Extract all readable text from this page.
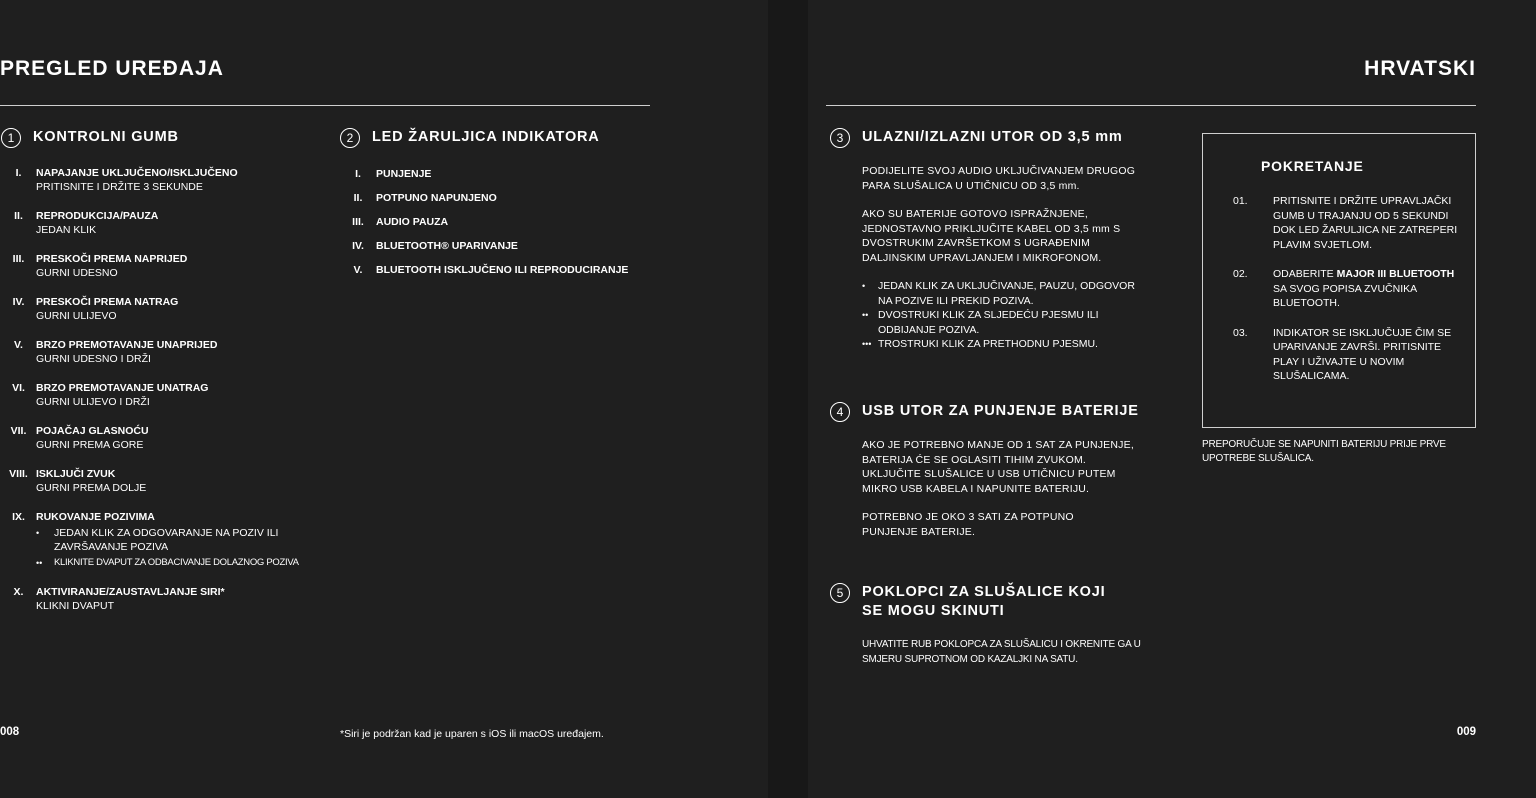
PREGLED UREĐAJA
1	KONTROLNI GUMB
I.	NAPAJANJE UKLJUČENO/ISKLJUČENO
PRITISNITE I DRŽITE 3 SEKUNDE
II.	REPRODUKCIJA/PAUZA
JEDAN KLIK
III.	PRESKOČI PREMA NAPRIJED
GURNI UDESNO
IV.	PRESKOČI PREMA NATRAG
GURNI ULIJEVO
V.	BRZO PREMOTAVANJE UNAPRIJED
GURNI UDESNO I DRŽI
VI.	BRZO PREMOTAVANJE UNATRAG
GURNI ULIJEVO I DRŽI
VII. POJAČAJ GLASNOĆU
GURNI PREMA GORE
VIII. ISKLJUČI ZVUK
GURNI PREMA DOLJE
IX.	RUKOVANJE POZIVIMA
•	JEDAN KLIK ZA ODGOVARANJE NA POZIV ILI ZAVRŠAVANJE POZIVA
••	KLIKNITE DVAPUT ZA ODBACIVANJE DOLAZNOG POZIVA
X.	AKTIVIRANJE/ZAUSTAVLJANJE SIRI*
KLIKNI DVAPUT
2	LED ŽARULJICA INDIKATORA
I.	PUNJENJE
II.	POTPUNO NAPUNJENO
III.	AUDIO PAUZA
IV.	BLUETOOTH® UPARIVANJE
V.	BLUETOOTH ISKLJUČENO ILI REPRODUCIRANJE
008	*Siri je podržan kad je uparen s iOS ili macOS uređajem.
HRVATSKI
3	ULAZNI/IZLAZNI UTOR OD 3,5 mm
PODIJELITE SVOJ AUDIO UKLJUČIVANJEM DRUGOG PARA SLUŠALICA U UTIČNICU OD 3,5 mm.
AKO SU BATERIJE GOTOVO ISPRAŽNJENE, JEDNOSTAVNO PRIKLJUČITE KABEL OD 3,5 mm S DVOSTRUKIM ZAVRŠETKOM S UGRAĐENIM DALJINSKIM UPRAVLJANJEM I MIKROFONOM.
•	JEDAN KLIK ZA UKLJUČIVANJE, PAUZU, ODGOVOR NA POZIVE ILI PREKID POZIVA.
•• DVOSTRUKI KLIK ZA SLJEDEĆU PJESMU ILI ODBIJANJE POZIVA.
••• TROSTRUKI KLIK ZA PRETHODNU PJESMU.
4	USB UTOR ZA PUNJENJE BATERIJE
AKO JE POTREBNO MANJE OD 1 SAT ZA PUNJENJE, BATERIJA ĆE SE OGLASITI TIHIM ZVUKOM. UKLJUČITE SLUŠALICE U USB UTIČNICU PUTEM MIKRO USB KABELA I NAPUNITE BATERIJU.
POTREBNO JE OKO 3 SATI ZA POTPUNO PUNJENJE BATERIJE.
5	POKLOPCI ZA SLUŠALICE KOJI SE MOGU SKINUTI
UHVATITE RUB POKLOPCA ZA SLUŠALICU I OKRENITE GA U SMJERU SUPROTNOM OD KAZALJKI NA SATU.
POKRETANJE
01.	PRITISNITE I DRŽITE UPRAVLJAČKI GUMB U TRAJANJU OD 5 SEKUNDI DOK LED ŽARULJICA NE ZATREPERI PLAVIM SVJETLOM.
02.	ODABERITE MAJOR III BLUETOOTH SA SVOG POPISA ZVUČNIKA BLUETOOTH.
03.	INDIKATOR SE ISKLJUČUJE ČIM SE UPARIVANJE ZAVRŠI. PRITISNITE PLAY I UŽIVAJTE U NOVIM SLUŠALICAMA.
PREPORUČUJE SE NAPUNITI BATERIJU PRIJE PRVE UPOTREBE SLUŠALICA.
009
